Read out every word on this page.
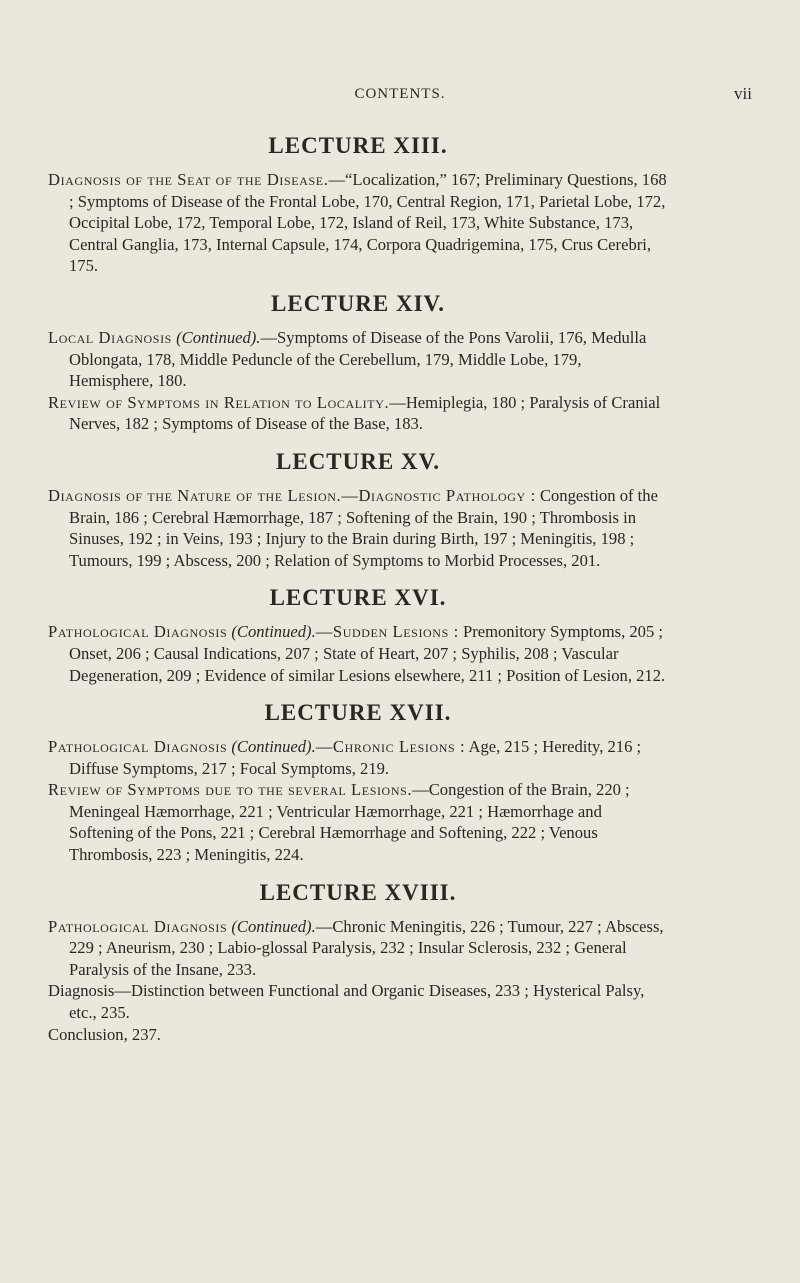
CONTENTS.	vii
LECTURE XIII.

Diagnosis of the Seat of the Disease.—“Localization,” 167; Preliminary Questions, 168 ; Symptoms of Disease of the Frontal Lobe, 170, Central Region, 171, Parietal Lobe, 172, Occipital Lobe, 172, Temporal Lobe, 172, Island of Reil, 173, White Substance, 173, Central Ganglia, 173, Internal Capsule, 174, Corpora Quadrigemina, 175, Crus Cerebri, 175.

LECTURE XIV.

Local Diagnosis (Continued).—Symptoms of Disease of the Pons Varolii, 176, Medulla Oblongata, 178, Middle Peduncle of the Cerebellum, 179, Middle Lobe, 179, Hemisphere, 180.

Review of Symptoms in Relation to Locality.—Hemiplegia, 180 ; Paralysis of Cranial Nerves, 182 ; Symptoms of Disease of the Base, 183.

LECTURE XV.

Diagnosis of the Nature of the Lesion.—Diagnostic Pathology : Congestion of the Brain, 186 ; Cerebral Hæmorrhage, 187 ; Softening of the Brain, 190 ; Thrombosis in Sinuses, 192 ; in Veins, 193 ; Injury to the Brain during Birth, 197 ; Meningitis, 198 ; Tumours, 199 ; Abscess, 200 ; Relation of Symptoms to Morbid Processes, 201.

LECTURE XVI.

Pathological Diagnosis (Continued).—Sudden Lesions : Premonitory Symptoms, 205 ; Onset, 206 ; Causal Indications, 207 ; State of Heart, 207 ; Syphilis, 208 ; Vascular Degeneration, 209 ; Evidence of similar Lesions elsewhere, 211 ; Position of Lesion, 212.

LECTURE XVII.

Pathological Diagnosis (Continued).—Chronic Lesions : Age, 215 ; Heredity, 216 ; Diffuse Symptoms, 217 ; Focal Symptoms, 219.

Review of Symptoms due to the several Lesions.—Congestion of the Brain, 220 ; Meningeal Hæmorrhage, 221 ; Ventricular Hæmorrhage, 221 ; Hæmorrhage and Softening of the Pons, 221 ; Cerebral Hæmorrhage and Softening, 222 ; Venous Thrombosis, 223 ; Meningitis, 224.

LECTURE XVIII.

Pathological Diagnosis (Continued).—Chronic Meningitis, 226 ; Tumour, 227 ; Abscess, 229 ; Aneurism, 230 ; Labio-glossal Paralysis, 232 ; Insular Sclerosis, 232 ; General Paralysis of the Insane, 233.

Diagnosis—Distinction between Functional and Organic Diseases, 233 ; Hysterical Palsy, etc., 235.

Conclusion, 237.
